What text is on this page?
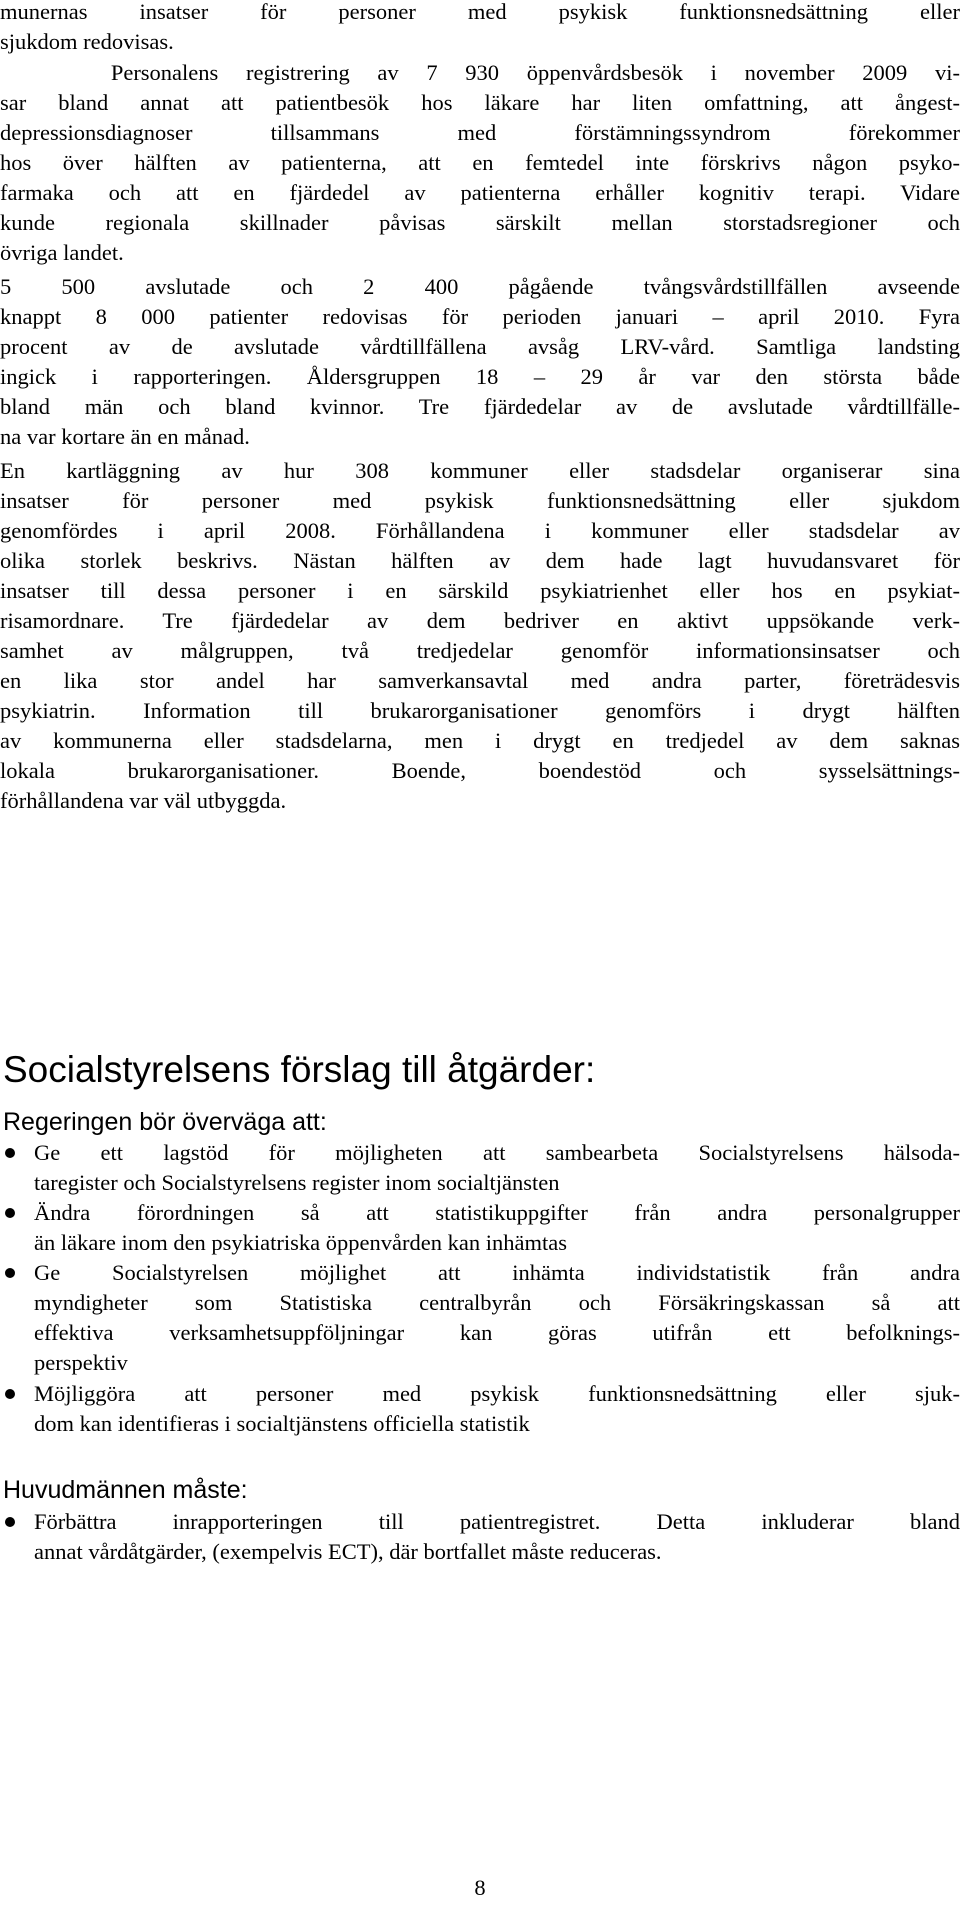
munernas insatser för personer med psykisk funktionsnedsättning eller
sjukdom redovisas.
Personalens registrering av 7 930 öppenvårdsbesök i november 2009 vi-
sar bland annat att patientbesök hos läkare har liten omfattning, att ångest-
depressionsdiagnoser tillsammans med förstämningssyndrom förekommer
hos över hälften av patienterna, att en femtedel inte förskrivs någon psyko-
farmaka och att en fjärdedel av patienterna erhåller kognitiv terapi. Vidare
kunde regionala skillnader påvisas särskilt mellan storstadsregioner och
övriga landet.
5 500 avslutade och 2 400 pågående tvångsvårdstillfällen avseende
knappt 8 000 patienter redovisas för perioden januari – april 2010. Fyra
procent av de avslutade vårdtillfällena avsåg LRV-vård. Samtliga landsting
ingick i rapporteringen. Åldersgruppen 18 – 29 år var den största både
bland män och bland kvinnor. Tre fjärdedelar av de avslutade vårdtillfälle-
na var kortare än en månad.
En kartläggning av hur 308 kommuner eller stadsdelar organiserar sina
insatser för personer med psykisk funktionsnedsättning eller sjukdom
genomfördes i april 2008. Förhållandena i kommuner eller stadsdelar av
olika storlek beskrivs. Nästan hälften av dem hade lagt huvudansvaret för
insatser till dessa personer i en särskild psykiatrienhet eller hos en psykiat-
risamordnare. Tre fjärdedelar av dem bedriver en aktivt uppsökande verk-
samhet av målgruppen, två tredjedelar genomför informationsinsatser och
en lika stor andel har samverkansavtal med andra parter, företrädesvis
psykiatrin. Information till brukarorganisationer genomförs i drygt hälften
av kommunerna eller stadsdelarna, men i drygt en tredjedel av dem saknas
lokala brukarorganisationer. Boende, boendestöd och sysselsättnings-
förhållandena var väl utbyggda.
Socialstyrelsens förslag till åtgärder:
Regeringen bör överväga att:
Ge ett lagstöd för möjligheten att sambearbeta Socialstyrelsens hälsoda-
taregister och Socialstyrelsens register inom socialtjänsten
Ändra förordningen så att statistikuppgifter från andra personalgrupper
än läkare inom den psykiatriska öppenvården kan inhämtas
Ge Socialstyrelsen möjlighet att inhämta individstatistik från andra
myndigheter som Statistiska centralbyrån och Försäkringskassan så att
effektiva verksamhetsuppföljningar kan göras utifrån ett befolknings-
perspektiv
Möjliggöra att personer med psykisk funktionsnedsättning eller sjuk-
dom kan identifieras i socialtjänstens officiella statistik
Huvudmännen måste:
Förbättra inrapporteringen till patientregistret. Detta inkluderar bland
annat vårdåtgärder, (exempelvis ECT), där bortfallet måste reduceras.
8
